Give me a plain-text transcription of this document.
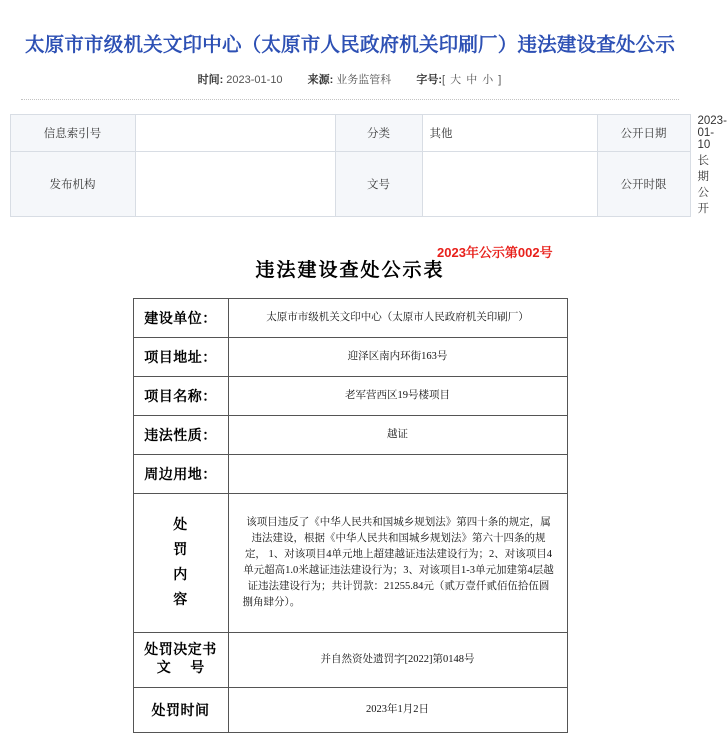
太原市市级机关文印中心（太原市人民政府机关印刷厂）违法建设查处公示
时间: 2023-01-10 来源: 业务监管科 字号:[ 大 中 小 ]
信息索引号		分类	其他	公开日期	2023-01-10
发布机构		文号		公开时限	长期公开
违法建设查处公示表
2023年公示第002号
建设单位：	太原市市级机关文印中心（太原市人民政府机关印刷厂）
项目地址：	迎泽区南内环街163号
项目名称：	老军营西区19号楼项目
违法性质：	越证
周边用地：	

处
罚
内
容	该项目违反了《中华人民共和国城乡规划法》第四十条的规定，属违法建设，根据《中华人民共和国城乡规划法》第六十四条的规定， 1、对该项目4单元地上超建越证违法建设行为；2、对该项目4单元超高1.0米越证违法建设行为；3、对该项目1-3单元加建第4层越证违法建设行为；共计罚款：21255.84元（贰万壹仟贰佰伍拾伍圆捌角肆分）。

处罚决定书
文 号	并自然资处遗罚字[2022]第0148号
处罚时间	2023年1月2日
